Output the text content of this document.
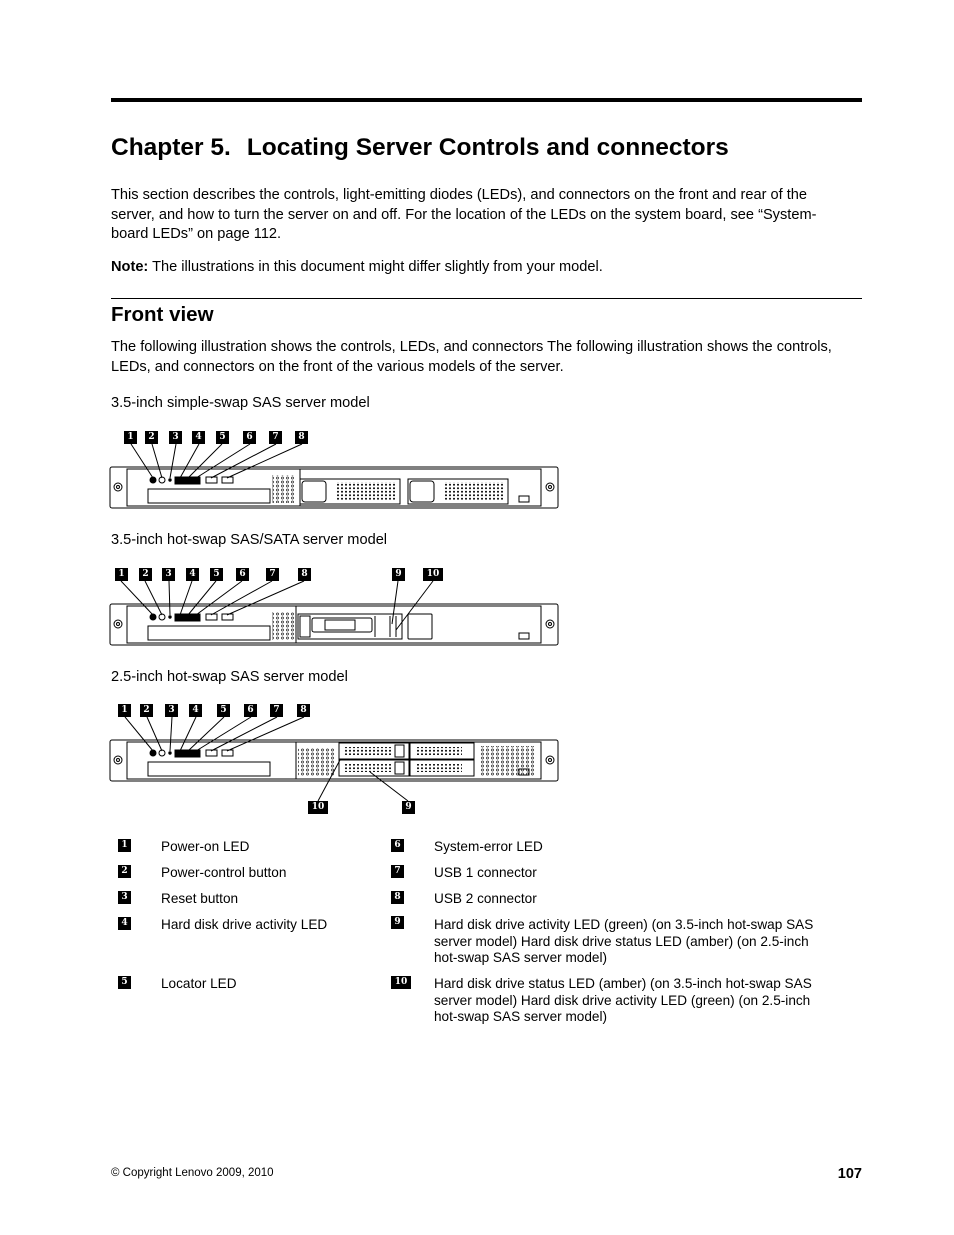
Chapter 5. Locating Server Controls and connectors

This section describes the controls, light-emitting diodes (LEDs), and connectors on the front and rear of the server, and how to turn the server on and off. For the location of the LEDs on the system board, see “System-board LEDs” on page 112.

Note: The illustrations in this document might differ slightly from your model.

Front view

The following illustration shows the controls, LEDs, and connectors The following illustration shows the controls, LEDs, and connectors on the front of the various models of the server.

3.5-inch simple-swap SAS server model

3.5-inch hot-swap SAS/SATA server model

2.5-inch hot-swap SAS server model

1	2	3	4	5	6	7	8
1	2	3	4	5	6	7	8	9	10
1	2	3	4	5	6	7	8
10	9
1 Power-on LED

2 Power-control button

3 Reset button

4 Hard disk drive activity LED

5 Locator LED

6 System-error LED

7 USB 1 connector

8 USB 2 connector

9 Hard disk drive activity LED (green) (on 3.5-inch hot-swap SAS server model) Hard disk drive status LED (amber) (on 2.5-inch hot-swap SAS server model)

10 Hard disk drive status LED (amber) (on 3.5-inch hot-swap SAS server model) Hard disk drive activity LED (green) (on 2.5-inch hot-swap SAS server model)

© Copyright Lenovo 2009, 2010	107
